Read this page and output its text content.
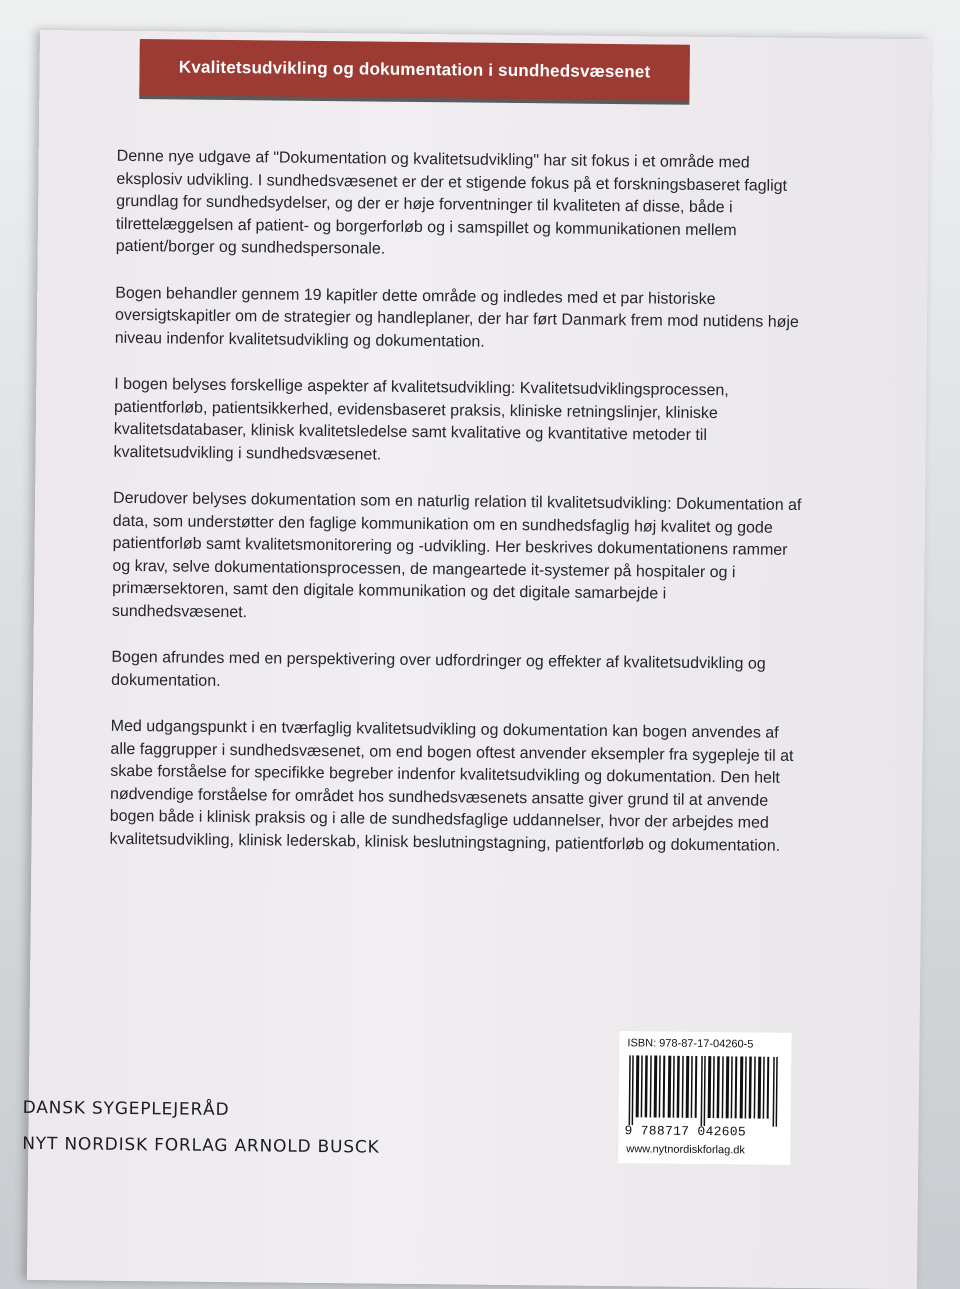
Kvalitetsudvikling og dokumentation i sundhedsvæsenet

Denne nye udgave af "Dokumentation og kvalitetsudvikling" har sit fokus i et område med eksplosiv udvikling. I sundhedsvæsenet er der et stigende fokus på et forskningsbaseret fagligt grundlag for sundhedsydelser, og der er høje forventninger til kvaliteten af disse, både i tilrettelæggelsen af patient- og borgerforløb og i samspillet og kommunikationen mellem patient/borger og sundhedspersonale.

Bogen behandler gennem 19 kapitler dette område og indledes med et par historiske oversigtskapitler om de strategier og handleplaner, der har ført Danmark frem mod nutidens høje niveau indenfor kvalitetsudvikling og dokumentation.

I bogen belyses forskellige aspekter af kvalitetsudvikling: Kvalitetsudviklingsprocessen, patientforløb, patientsikkerhed, evidensbaseret praksis, kliniske retningslinjer, kliniske kvalitetsdatabaser, klinisk kvalitetsledelse samt kvalitative og kvantitative metoder til kvalitetsudvikling i sundhedsvæsenet.

Derudover belyses dokumentation som en naturlig relation til kvalitetsudvikling: Dokumentation af data, som understøtter den faglige kommunikation om en sundhedsfaglig høj kvalitet og gode patientforløb samt kvalitetsmonitorering og -udvikling. Her beskrives dokumentationens rammer og krav, selve dokumentationsprocessen, de mangeartede it-systemer på hospitaler og i primærsektoren, samt den digitale kommunikation og det digitale samarbejde i sundhedsvæsenet.

Bogen afrundes med en perspektivering over udfordringer og effekter af kvalitetsudvikling og dokumentation.

Med udgangspunkt i en tværfaglig kvalitetsudvikling og dokumentation kan bogen anvendes af alle faggrupper i sundhedsvæsenet, om end bogen oftest anvender eksempler fra sygepleje til at skabe forståelse for specifikke begreber indenfor kvalitetsudvikling og dokumentation. Den helt nødvendige forståelse for området hos sundhedsvæsenets ansatte giver grund til at anvende bogen både i klinisk praksis og i alle de sundhedsfaglige uddannelser, hvor der arbejdes med kvalitetsudvikling, klinisk lederskab, klinisk beslutningstagning, patientforløb og dokumentation.

DANSK SYGEPLEJERÅD
NYT NORDISK FORLAG ARNOLD BUSCK
ISBN: 978-87-17-04260-5
9 788717 042605
www.nytnordiskforlag.dk
